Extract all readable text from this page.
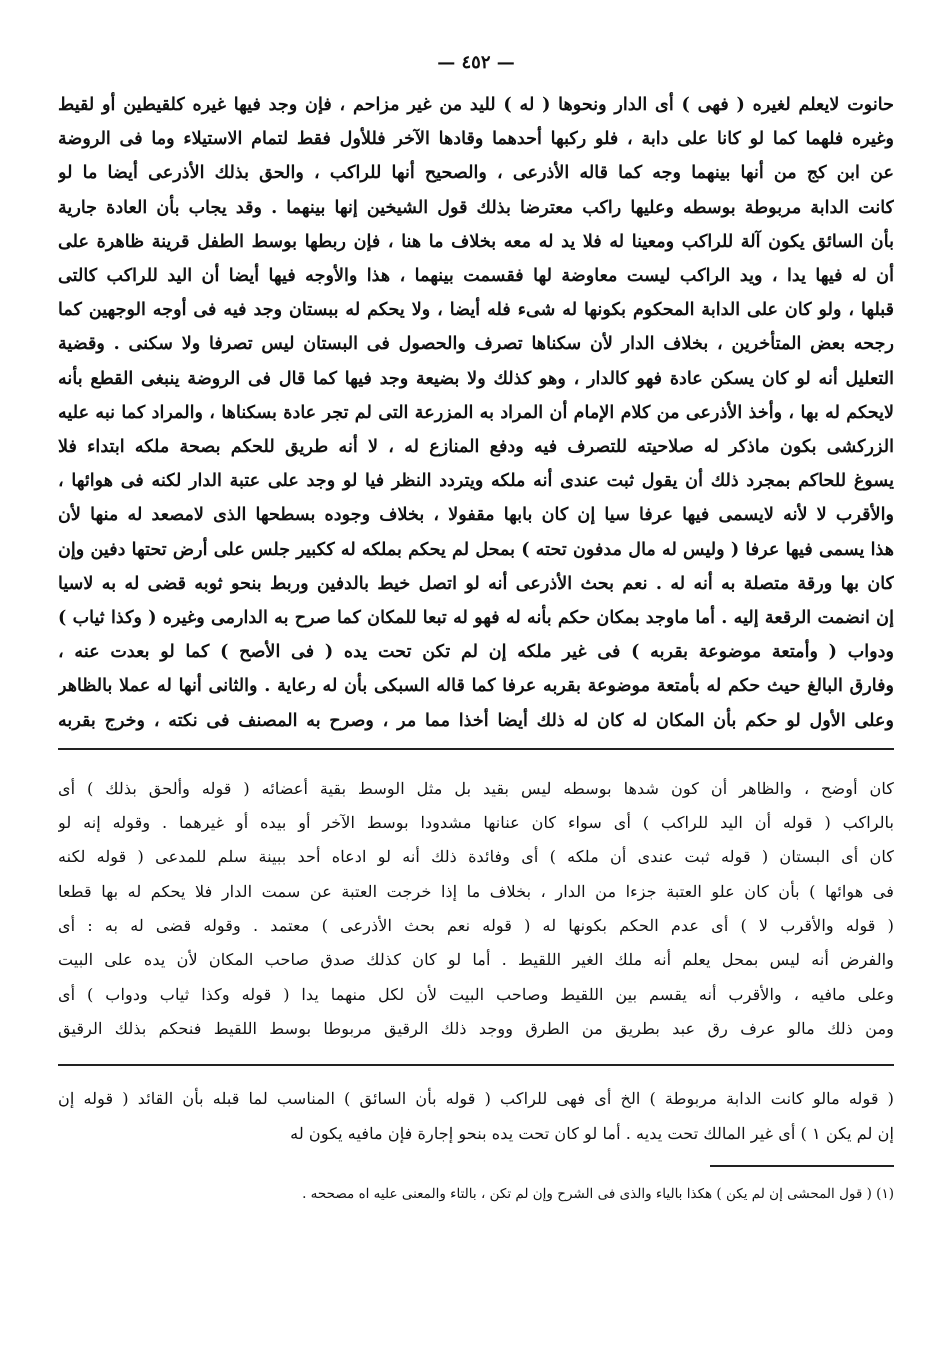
— ٤٥٢ —

حانوت لايعلم لغيره ( فهى ) أى الدار ونحوها ( له ) لليد من غير مزاحم ، فإن وجد فيها غيره كلقيطين أو لقيط

وغيره فلهما كما لو كانا على دابة ، فلو ركبها أحدهما وقادها الآخر فللأول فقط لتمام الاستيلاء وما فى الروضة

عن ابن كج من أنها بينهما وجه كما قاله الأذرعى ، والصحيح أنها للراكب ، والحق بذلك الأذرعى أيضا ما لو

كانت الدابة مربوطة بوسطه وعليها راكب معترضا بذلك قول الشيخين إنها بينهما . وقد يجاب بأن العادة جارية

بأن السائق يكون آلة للراكب ومعينا له فلا يد له معه بخلاف ما هنا ، فإن ربطها بوسط الطفل قرينة ظاهرة على

أن له فيها يدا ، ويد الراكب ليست معاوضة لها فقسمت بينهما ، هذا والأوجه فيها أيضا أن اليد للراكب كالتى

قبلها ، ولو كان على الدابة المحكوم بكونها له شىء فله أيضا ، ولا يحكم له ببستان وجد فيه فى أوجه الوجهين كما

رجحه بعض المتأخرين ، بخلاف الدار لأن سكناها تصرف والحصول فى البستان ليس تصرفا ولا سكنى . وقضية

التعليل أنه لو كان يسكن عادة فهو كالدار ، وهو كذلك ولا بضيعة وجد فيها كما قال فى الروضة ينبغى القطع بأنه

لايحكم له بها ، وأخذ الأذرعى من كلام الإمام أن المراد به المزرعة التى لم تجر عادة بسكناها ، والمراد كما نبه عليه

الزركشى بكون ماذكر له صلاحيته للتصرف فيه ودفع المنازع له ، لا أنه طريق للحكم بصحة ملكه ابتداء فلا

يسوغ للحاكم بمجرد ذلك أن يقول ثبت عندى أنه ملكه ويتردد النظر فيا لو وجد على عتبة الدار لكنه فى هوائها ،

والأقرب لا لأنه لايسمى فيها عرفا سيا إن كان بابها مقفولا ، بخلاف وجوده بسطحها الذى لامصعد له منها لأن

هذا يسمى فيها عرفا ( وليس له مال مدفون تحته ) بمحل لم يحكم بملكه له ككبير جلس على أرض تحتها دفين وإن

كان بها ورقة متصلة به أنه له . نعم بحث الأذرعى أنه لو اتصل خيط بالدفين وربط بنحو ثوبه قضى له به لاسيا

إن انضمت الرقعة إليه . أما ماوجد بمكان حكم بأنه له فهو له تبعا للمكان كما صرح به الدارمى وغيره ( وكذا ثياب )

ودواب ( وأمتعة موضوعة بقربه ) فى غير ملكه إن لم تكن تحت يده ( فى الأصح ) كما لو بعدت عنه ،

وفارق البالغ حيث حكم له بأمتعة موضوعة بقربه عرفا كما قاله السبكى بأن له رعاية . والثانى أنها له عملا بالظاهر

وعلى الأول لو حكم بأن المكان له كان له ذلك أيضا أخذا مما مر ، وصرح به المصنف فى نكته ، وخرج بقربه

كان أوضح ، والظاهر أن كون شدها بوسطه ليس بقيد بل مثل الوسط بقية أعضائه ( قوله وألحق بذلك ) أى

بالراكب ( قوله أن اليد للراكب ) أى سواء كان عنانها مشدودا بوسط الآخر أو بيده أو غيرهما . وقوله إنه لو

كان أى البستان ( قوله ثبت عندى أن ملكه ) أى وفائدة ذلك أنه لو ادعاه أحد ببينة سلم للمدعى ( قوله لكنه

فى هوائها ) بأن كان علو العتبة جزءا من الدار ، بخلاف ما إذا خرجت العتبة عن سمت الدار فلا يحكم له بها قطعا

( قوله والأقرب لا ) أى عدم الحكم بكونها له ( قوله نعم بحث الأذرعى ) معتمد . وقوله قضى له به : أى

والفرض أنه ليس بمحل يعلم أنه ملك الغير اللقيط . أما لو كان كذلك صدق صاحب المكان لأن يده على البيت

وعلى مافيه ، والأقرب أنه يقسم بين اللقيط وصاحب البيت لأن لكل منهما يدا ( قوله وكذا ثياب ودواب ) أى

ومن ذلك مالو عرف رق عبد بطريق من الطرق ووجد ذلك الرقيق مربوطا بوسط اللقيط فنحكم بذلك الرقيق

( قوله مالو كانت الدابة مربوطة ) الخ أى فهى للراكب ( قوله بأن السائق ) المناسب لما قبله بأن القائد ( قوله إن

إن لم يكن ١ ) أى غير المالك تحت يديه . أما لو كان تحت يده بنحو إجارة فإن مافيه يكون له

(١) ( قول المحشى إن لم يكن ) هكذا بالياء والذى فى الشرح وإن لم تكن ، بالتاء والمعنى عليه اه مصححه .
